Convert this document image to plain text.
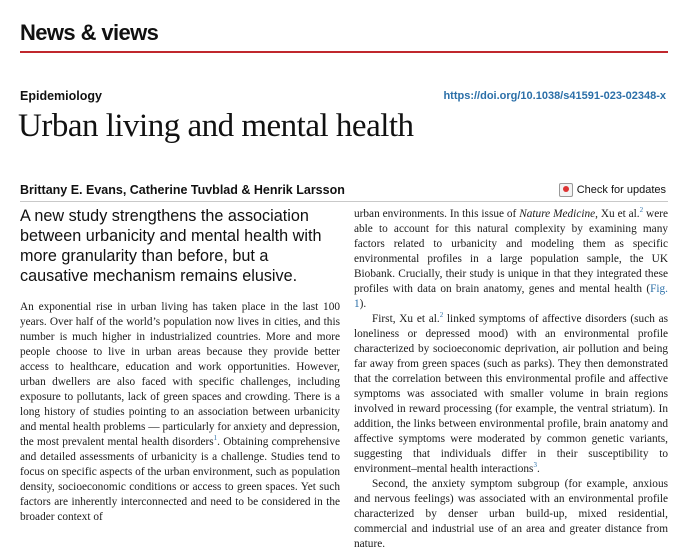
News & views
Epidemiology	https://doi.org/10.1038/s41591-023-02348-x
Urban living and mental health
Brittany E. Evans, Catherine Tuvblad & Henrik Larsson	Check for updates
A new study strengthens the association between urbanicity and mental health with more granularity than before, but a causative mechanism remains elusive.

An exponential rise in urban living has taken place in the last 100 years. Over half of the world’s population now lives in cities, and this number is much higher in industrialized countries. More and more people choose to live in urban areas because they provide better access to healthcare, education and work opportunities. However, urban dwellers are also faced with specific challenges, including exposure to pollutants, lack of green spaces and crowding. There is a long history of studies pointing to an association between urbanicity and mental health problems — particularly for anxiety and depression, the most prevalent mental health disorders$^1$. Obtaining comprehensive and detailed assessments of urbanicity is a challenge. Studies tend to focus on specific aspects of the urban environment, such as population density, socioeconomic conditions or access to green spaces. Yet such factors are inherently interconnected and need to be considered in the broader context of

urban environments. In this issue of Nature Medicine, Xu et al.$^2$ were able to account for this natural complexity by examining many factors related to urbanicity and modeling them as specific environmental profiles in a large population sample, the UK Biobank. Crucially, their study is unique in that they integrated these profiles with data on brain anatomy, genes and mental health (Fig. 1).

First, Xu et al.$^2$ linked symptoms of affective disorders (such as loneliness or depressed mood) with an environmental profile characterized by socioeconomic deprivation, air pollution and being far away from green spaces (such as parks). They then demonstrated that the correlation between this environmental profile and affective symptoms was associated with smaller volume in brain regions involved in reward processing (for example, the ventral striatum). In addition, the links between environmental profile, brain anatomy and affective symptoms were moderated by common genetic variants, suggesting that individuals differ in their susceptibility to environment–mental health interactions$^3$.

Second, the anxiety symptom subgroup (for example, anxious and nervous feelings) was associated with an environmental profile characterized by denser urban build-up, mixed residential, commercial and industrial use of an area and greater distance from nature.
